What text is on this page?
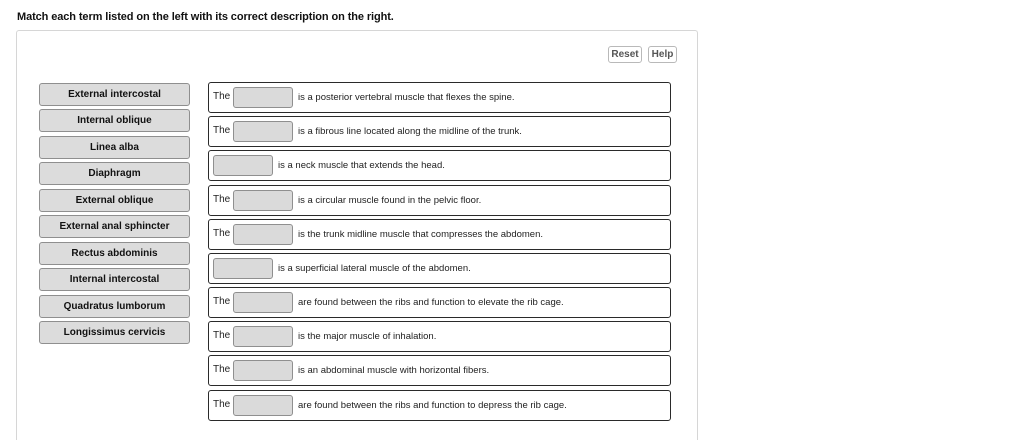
Match each term listed on the left with its correct description on the right.
Reset	Help
External intercostal
Internal oblique
Linea alba
Diaphragm
External oblique
External anal sphincter
Rectus abdominis
Internal intercostal
Quadratus lumborum
Longissimus cervicis
The	is a posterior vertebral muscle that flexes the spine.
The	is a fibrous line located along the midline of the trunk.
is a neck muscle that extends the head.
The	is a circular muscle found in the pelvic floor.
The	is the trunk midline muscle that compresses the abdomen.
is a superficial lateral muscle of the abdomen.
The	are found between the ribs and function to elevate the rib cage.
The	is the major muscle of inhalation.
The	is an abdominal muscle with horizontal fibers.
The	are found between the ribs and function to depress the rib cage.
